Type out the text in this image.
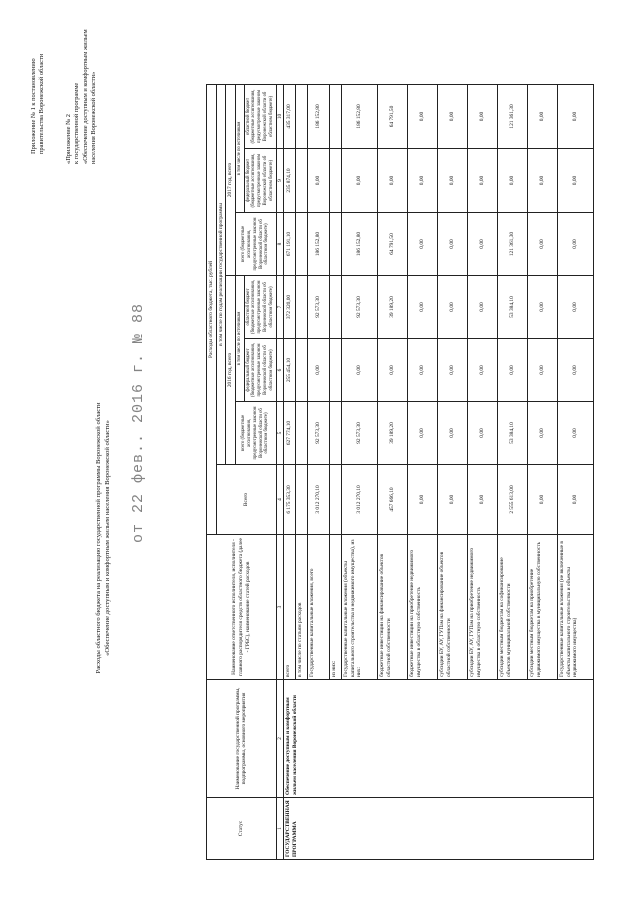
Приложение № 1 к постановлению правительства Воронежской области	«Приложение № 2 к государственной программе «Обеспечение доступным и комфортным жильем населения Воронежской области»
от 22 фев.. 2016 г. № 88
Расходы областного бюджета на реализацию государственной программы Воронежской области «Обеспечение доступным и комфортным жильем населения Воронежской области»
Статус	Наименование государственной программы, подпрограммы, основного мероприятия	Наименование ответственного исполнителя, исполнителя - главного распорядителя средств областного бюджета (далее - ГРБС), наименование статей расходов	Расходы областного бюджета, тыс. рублей						
			Всего	в том числе по годам реализации государственной программы					
				2016 год, всего			2017 год, всего		
				всего (бюджетные ассигнования, предусмотренные законом Воронежской области об областном бюджете)	в том числе по источникам		всего (бюджетные ассигнования, предусмотренные законом Воронежской области об областном бюджете)	в том числе по источникам	
					федеральный бюджет (бюджетные ассигнования, предусмотренные законом Воронежской области об областном бюджете)	областной бюджет (бюджетные ассигнования, предусмотренные законом Воронежской области об областном бюджете)		федеральный бюджет (бюджетные ассигнования, предусмотренные законом Воронежской области об областном бюджете)	областной бюджет (бюджетные ассигнования, предусмотренные законом Воронежской области об областном бюджете)
1	2	3	4	5	6	7	8	9	10
ГОСУДАРСТВЕННАЯ ПРОГРАММА	Обеспечение доступным и комфортным жильем населения Воронежской области	всего	6 175 353,30	627 774,10	255 454,10	372 320,00	671 191,10	235 874,10	435 317,00
		в том числе по статьям расходов							
		Государственные капитальные вложения, всего	3 012 270,10	92 573,30	0,00	92 573,30	186 152,80	0,00	186 152,80
		из них:							
		Государственные капитальные вложения (объекты капитального строительства и недвижимого имущества), из них:	3 012 270,10	92 573,30	0,00	92 573,30	186 152,80	0,00	186 152,80
		бюджетные инвестиции на финансирование объектов областной собственности	457 666,10	39 189,20	0,00	39 189,20	64 791,50	0,00	64 791,50
		бюджетные инвестиции на приобретение недвижимого имущества в областную собственность	0,00	0,00	0,00	0,00	0,00	0,00	0,00
		субсидии БУ, АУ, ГУПам на финансирование объектов областной собственности	0,00	0,00	0,00	0,00	0,00	0,00	0,00
		субсидии БУ, АУ, ГУПам на приобретение недвижимого имущества в областную собственность	0,00	0,00	0,00	0,00	0,00	0,00	0,00
		субсидии местным бюджетам на софинансирование объектов муниципальной собственности	2 555 613,00	53 384,10	0,00	53 384,10	121 361,30	0,00	121 361,30
		субсидии местным бюджетам на приобретение недвижимого имущества в муниципальную собственность	0,00	0,00	0,00	0,00	0,00	0,00	0,00
		Государственные капитальные вложения (не включенные в объекты капитального строительства и объекты недвижимого имущества)	0,00	0,00	0,00	0,00	0,00	0,00	0,00
